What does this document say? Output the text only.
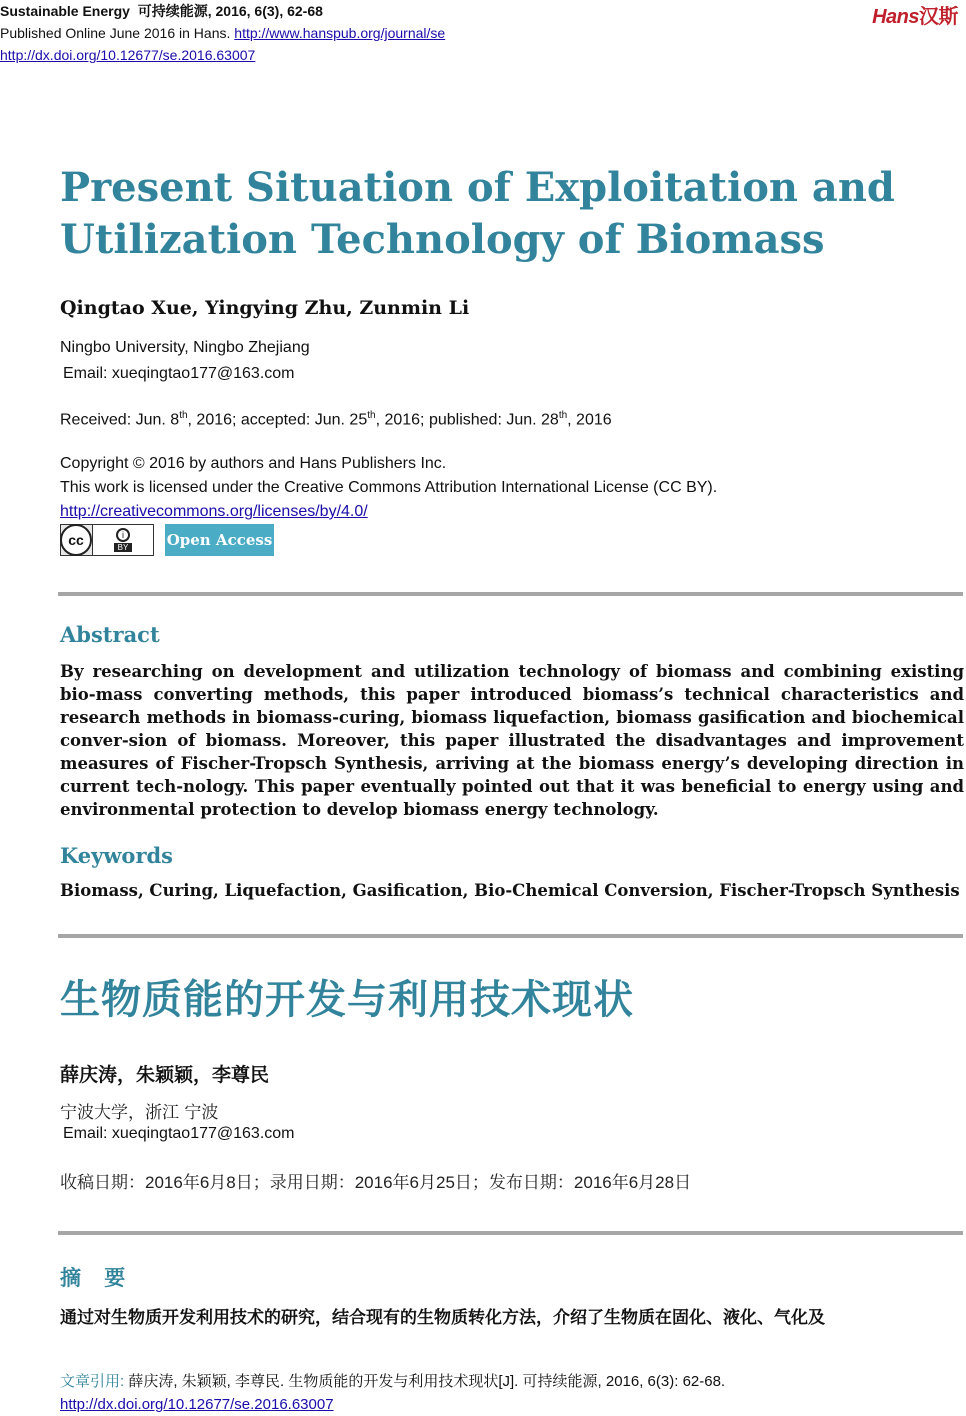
Sustainable Energy 可持续能源, 2016, 6(3), 62-68
Published Online June 2016 in Hans. http://www.hanspub.org/journal/se
http://dx.doi.org/10.12677/se.2016.63007
Hans汉斯
Present Situation of Exploitation and
Utilization Technology of Biomass
Qingtao Xue, Yingying Zhu, Zunmin Li
Ningbo University, Ningbo Zhejiang
Email: xueqingtao177@163.com
Received: Jun. 8th, 2016; accepted: Jun. 25th, 2016; published: Jun. 28th, 2016
Copyright © 2016 by authors and Hans Publishers Inc.
This work is licensed under the Creative Commons Attribution International License (CC BY).
http://creativecommons.org/licenses/by/4.0/
cc	i
BY	Open Access
Abstract
By researching on development and utilization technology of biomass and combining existing bio-mass converting methods, this paper introduced biomass’s technical characteristics and research methods in biomass-curing, biomass liquefaction, biomass gasification and biochemical conver-sion of biomass. Moreover, this paper illustrated the disadvantages and improvement measures of Fischer-Tropsch Synthesis, arriving at the biomass energy’s developing direction in current tech-nology. This paper eventually pointed out that it was beneficial to energy using and environmental protection to develop biomass energy technology.
Keywords
Biomass, Curing, Liquefaction, Gasification, Bio-Chemical Conversion, Fischer-Tropsch Synthesis
生物质能的开发与利用技术现状
薛庆涛，朱颖颖，李尊民
宁波大学，浙江 宁波
Email: xueqingtao177@163.com
收稿日期：2016年6月8日；录用日期：2016年6月25日；发布日期：2016年6月28日
摘 要
通过对生物质开发利用技术的研究，结合现有的生物质转化方法，介绍了生物质在固化、液化、气化及
文章引用: 薛庆涛, 朱颖颖, 李尊民. 生物质能的开发与利用技术现状[J]. 可持续能源, 2016, 6(3): 62-68.
http://dx.doi.org/10.12677/se.2016.63007
